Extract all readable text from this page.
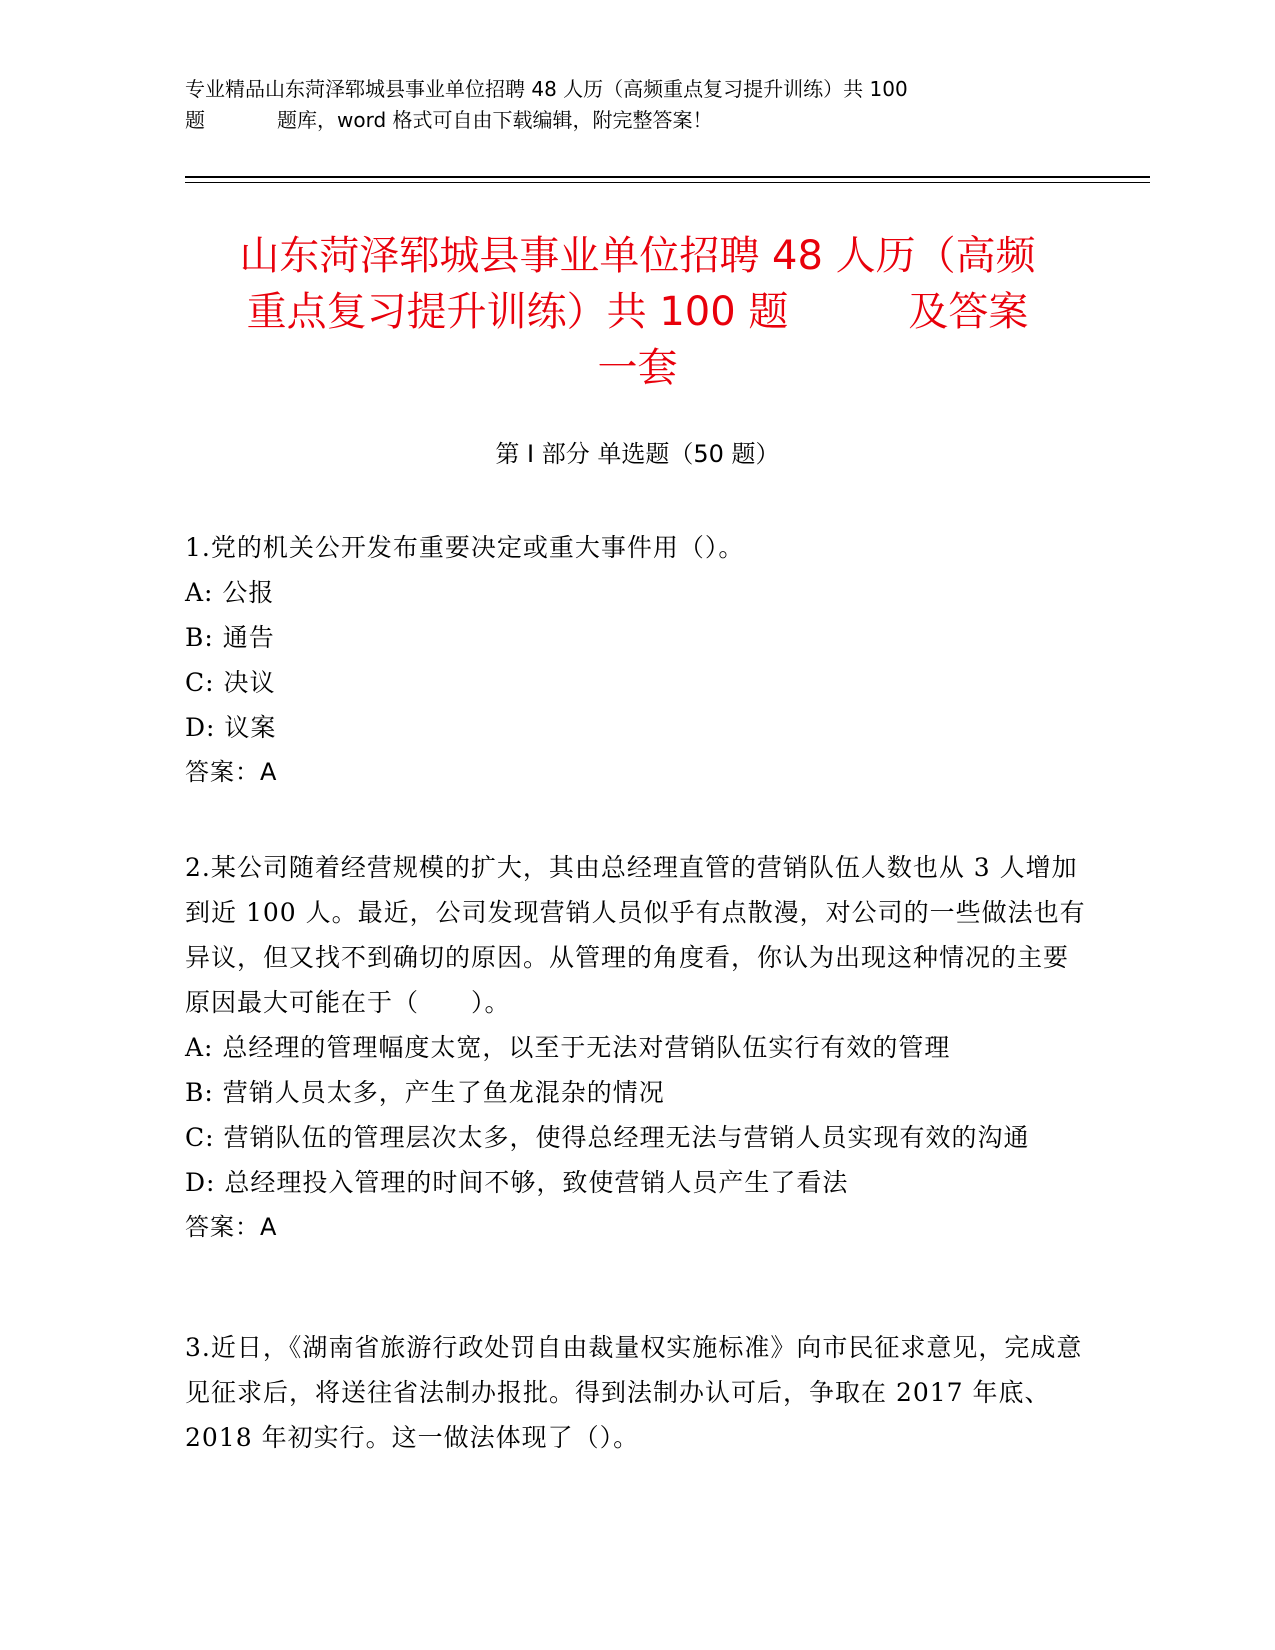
专业精品山东菏泽郓城县事业单位招聘 48 人历（高频重点复习提升训练）共 100
题	题库，word 格式可自由下载编辑，附完整答案！
山东菏泽郓城县事业单位招聘 48 人历（高频
重点复习提升训练）共 100 题	及答案
一套
第 I 部分 单选题（50 题）
1.党的机关公开发布重要决定或重大事件用（）。
A: 公报
B: 通告
C: 决议
D: 议案
答案：A
2.某公司随着经营规模的扩大，其由总经理直管的营销队伍人数也从 3 人增加到近 100 人。最近，公司发现营销人员似乎有点散漫，对公司的一些做法也有异议，但又找不到确切的原因。从管理的角度看，你认为出现这种情况的主要原因最大可能在于（　　）。
A: 总经理的管理幅度太宽，以至于无法对营销队伍实行有效的管理
B: 营销人员太多，产生了鱼龙混杂的情况
C: 营销队伍的管理层次太多，使得总经理无法与营销人员实现有效的沟通
D: 总经理投入管理的时间不够，致使营销人员产生了看法
答案：A
3.近日，《湖南省旅游行政处罚自由裁量权实施标准》向市民征求意见，完成意见征求后，将送往省法制办报批。得到法制办认可后，争取在 2017 年底、2018 年初实行。这一做法体现了（）。
